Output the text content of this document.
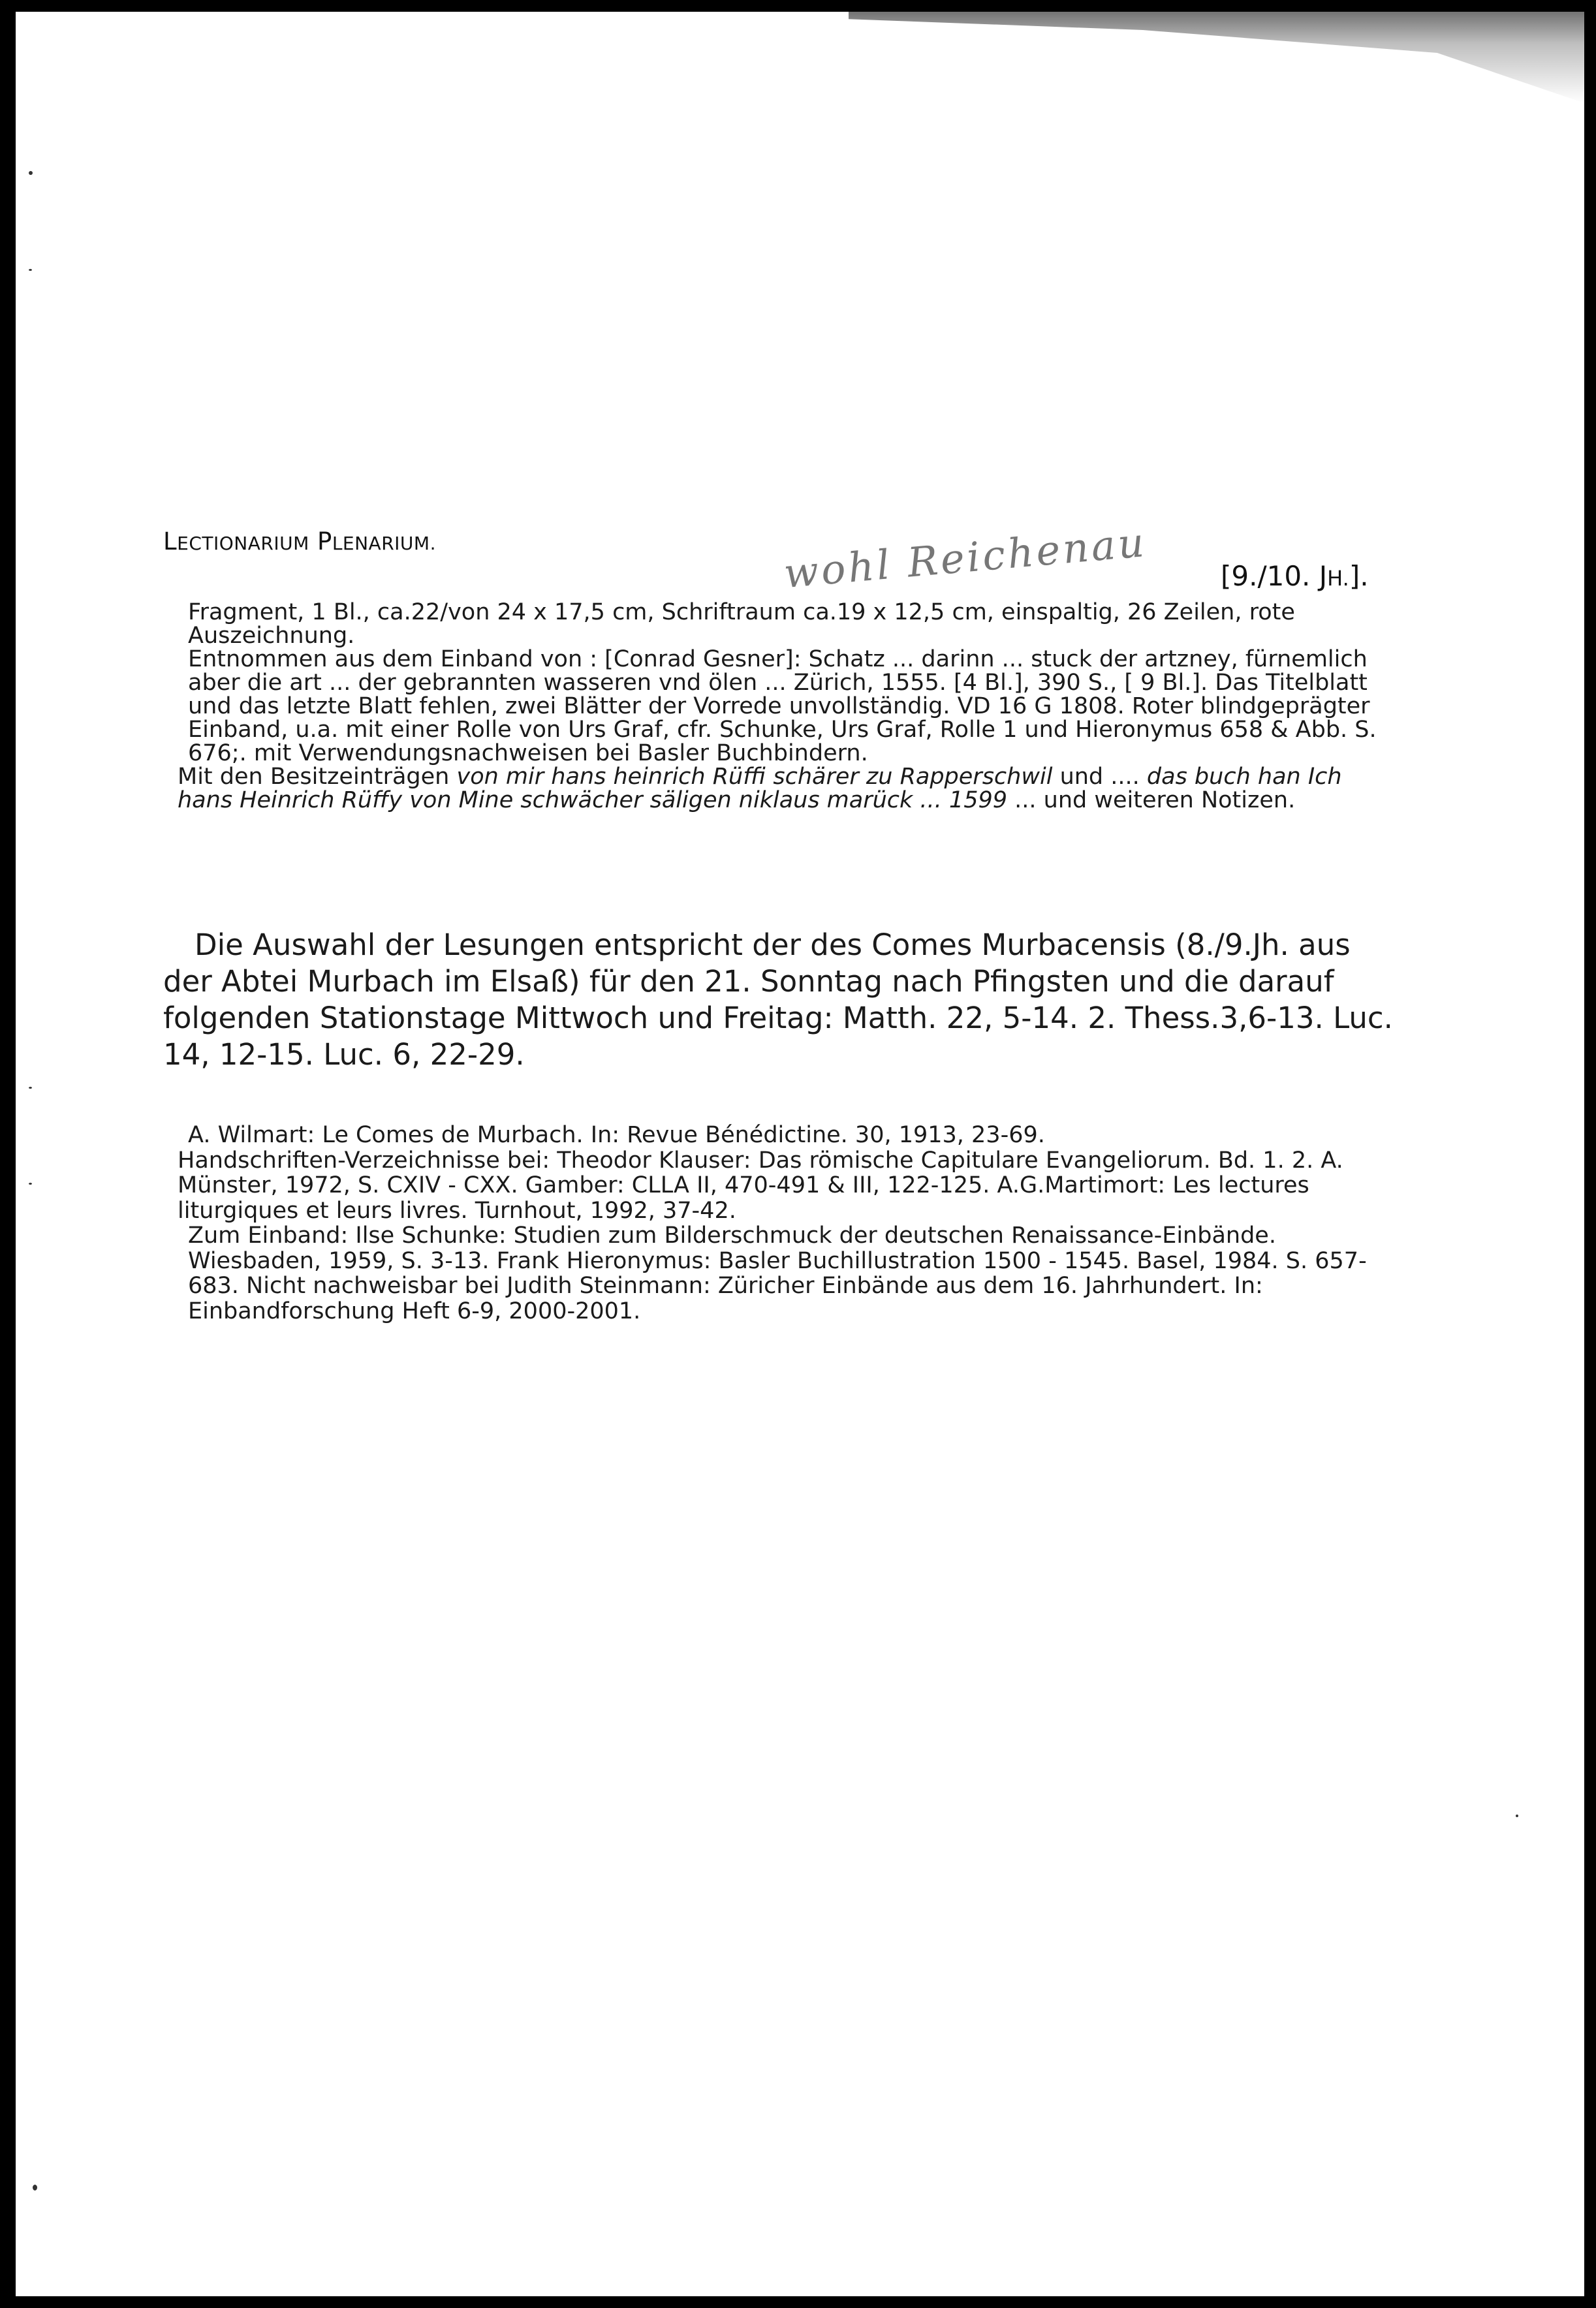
LECTIONARIUM PLENARIUM.	wohl Reichenau	[9./10. JH.].

Fragment, 1 Bl., ca.22/von 24 x 17,5 cm, Schriftraum ca.19 x 12,5 cm, einspaltig, 26 Zeilen, rote Auszeichnung.

Entnommen aus dem Einband von : [Conrad Gesner]: Schatz ... darinn ... stuck der artzney, fürnemlich aber die art ... der gebrannten wasseren vnd ölen ... Zürich, 1555. [4 Bl.], 390 S., [ 9 Bl.]. Das Titelblatt und das letzte Blatt fehlen, zwei Blätter der Vorrede unvollständig. VD 16 G 1808. Roter blindgeprägter Einband, u.a. mit einer Rolle von Urs Graf, cfr. Schunke, Urs Graf, Rolle 1 und Hieronymus 658 & Abb. S. 676;. mit Verwendungsnachweisen bei Basler Buchbindern.

Mit den Besitzeinträgen von mir hans heinrich Rüffi schärer zu Rapperschwil und .... das buch han Ich hans Heinrich Rüffy von Mine schwächer säligen niklaus marück ... 1599 ... und weiteren Notizen.

Die Auswahl der Lesungen entspricht der des Comes Murbacensis (8./9.Jh. aus der Abtei Murbach im Elsaß) für den 21. Sonntag nach Pfingsten und die darauf folgenden Stationstage Mittwoch und Freitag: Matth. 22, 5-14. 2. Thess.3,6-13. Luc. 14, 12-15. Luc. 6, 22-29.

A. Wilmart: Le Comes de Murbach. In: Revue Bénédictine. 30, 1913, 23-69.

Handschriften-Verzeichnisse bei: Theodor Klauser: Das römische Capitulare Evangeliorum. Bd. 1. 2. A. Münster, 1972, S. CXIV - CXX. Gamber: CLLA II, 470-491 & III, 122-125. A.G.Martimort: Les lectures liturgiques et leurs livres. Turnhout, 1992, 37-42.

Zum Einband: Ilse Schunke: Studien zum Bilderschmuck der deutschen Renaissance-Einbände. Wiesbaden, 1959, S. 3-13. Frank Hieronymus: Basler Buchillustration 1500 - 1545. Basel, 1984. S. 657-683. Nicht nachweisbar bei Judith Steinmann: Züricher Einbände aus dem 16. Jahrhundert. In: Einbandforschung Heft 6-9, 2000-2001.
